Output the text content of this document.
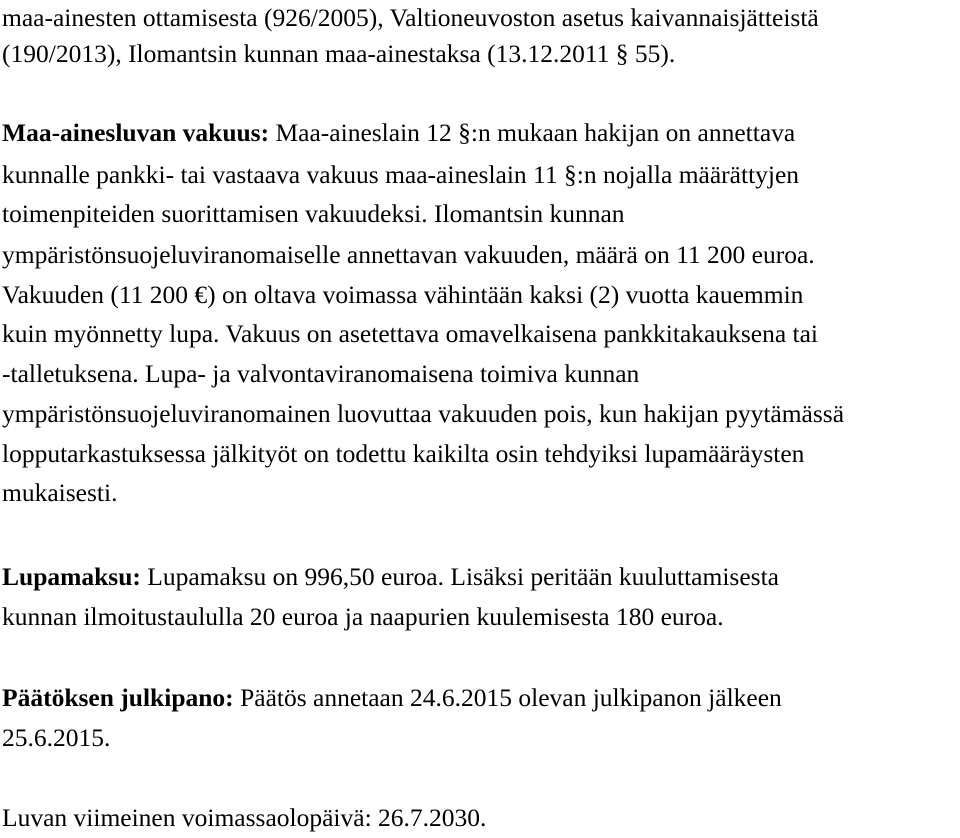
maa-ainesten ottamisesta (926/2005), Valtioneuvoston asetus kaivannaisjätteistä
(190/2013), Ilomantsin kunnan maa-ainestaksa (13.12.2011 § 55).
Maa-ainesluvan vakuus: Maa-aineslain 12 §:n mukaan hakijan on annettava
kunnalle pankki- tai vastaava vakuus maa-aineslain 11 §:n nojalla määrättyjen
toimenpiteiden suorittamisen vakuudeksi. Ilomantsin kunnan
ympäristönsuojeluviranomaiselle annettavan vakuuden, määrä on 11 200 euroa.
Vakuuden (11 200 €) on oltava voimassa vähintään kaksi (2) vuotta kauemmin
kuin myönnetty lupa. Vakuus on asetettava omavelkaisena pankkitakauksena tai
-talletuksena. Lupa- ja valvontaviranomaisena toimiva kunnan
ympäristönsuojeluviranomainen luovuttaa vakuuden pois, kun hakijan pyytämässä
lopputarkastuksessa jälkityöt on todettu kaikilta osin tehdyiksi lupamääräysten
mukaisesti.
Lupamaksu: Lupamaksu on 996,50 euroa. Lisäksi peritään kuuluttamisesta
kunnan ilmoitustaululla 20 euroa ja naapurien kuulemisesta 180 euroa.
Päätöksen julkipano: Päätös annetaan 24.6.2015 olevan julkipanon jälkeen
25.6.2015.
Luvan viimeinen voimassaolopäivä: 26.7.2030.
